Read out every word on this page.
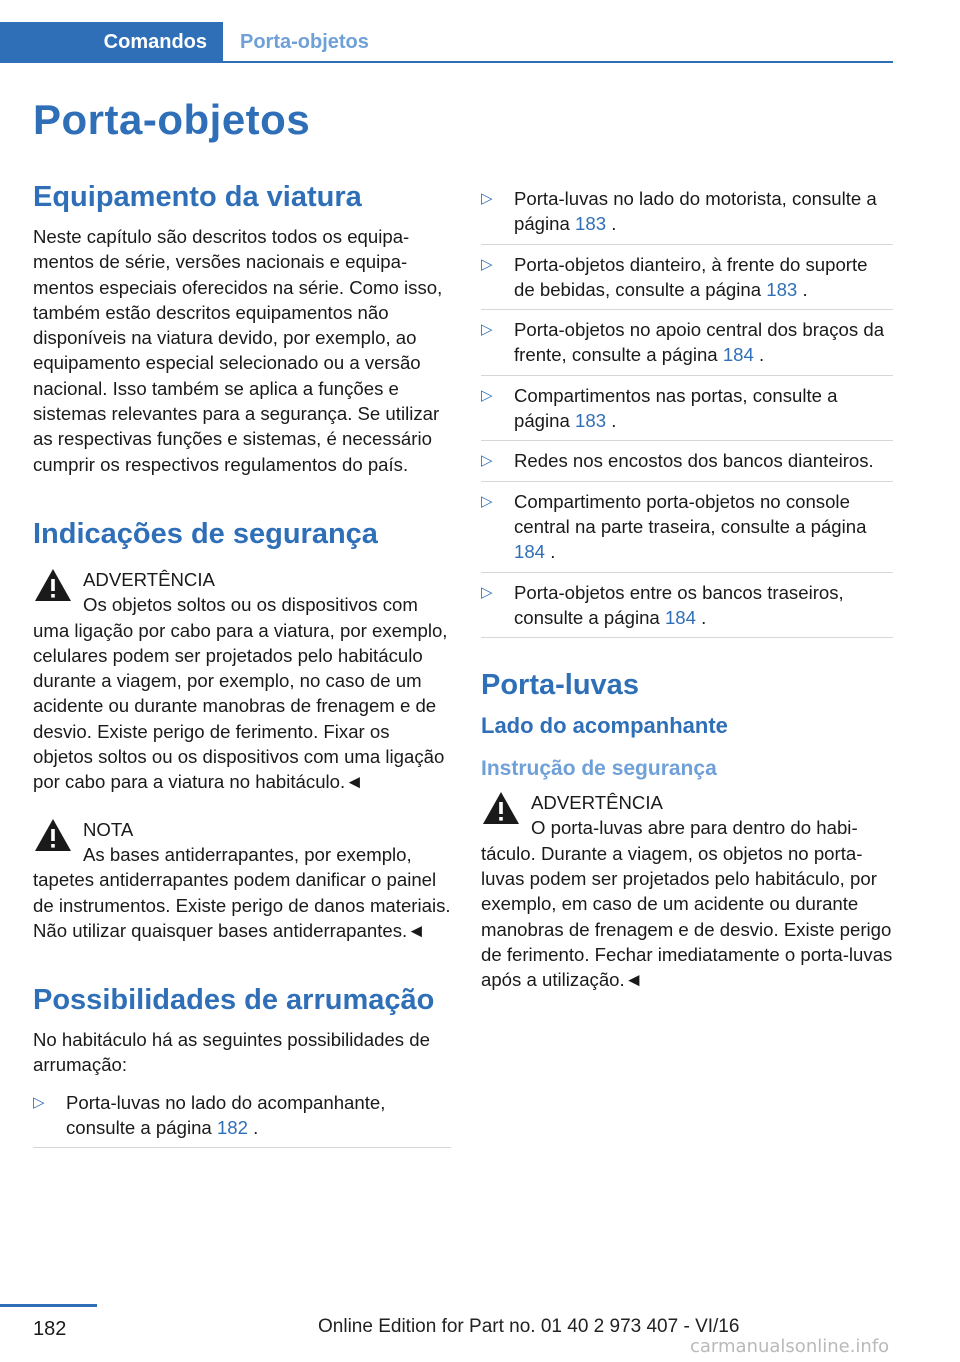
Comandos	Porta-objetos
Porta-objetos
Equipamento da viatura

Neste capítulo são descritos todos os equipamentos de série, versões nacionais e equipamentos especiais oferecidos na série. Como isso, também estão descritos equipamentos não disponíveis na viatura devido, por exemplo, ao equipamento especial selecionado ou a versão nacional. Isso também se aplica a funções e sistemas relevantes para a segurança. Se utilizar as respectivas funções e sistemas, é necessário cumprir os respectivos regulamentos do país.

Indicações de segurança
ADVERTÊNCIA

Os objetos soltos ou os dispositivos com uma ligação por cabo para a viatura, por exemplo, celulares podem ser projetados pelo habitáculo durante a viagem, por exemplo, no caso de um acidente ou durante manobras de frenagem e de desvio. Existe perigo de ferimento. Fixar os objetos soltos ou os dispositivos com uma ligação por cabo para a viatura no habitáculo.◄

NOTA

As bases antiderrapantes, por exemplo, tapetes antiderrapantes podem danificar o painel de instrumentos. Existe perigo de danos materiais. Não utilizar quaisquer bases antiderrapantes.◄

Possibilidades de arrumação

No habitáculo há as seguintes possibilidades de arrumação:

▷ Porta-luvas no lado do acompanhante, consulte a página 182 .
▷ Porta-luvas no lado do motorista, consulte a página 183 .
▷ Porta-objetos dianteiro, à frente do suporte de bebidas, consulte a página 183 .
▷ Porta-objetos no apoio central dos braços da frente, consulte a página 184 .
▷ Compartimentos nas portas, consulte a página 183 .
▷ Redes nos encostos dos bancos dianteiros.
▷ Compartimento porta-objetos no console central na parte traseira, consulte a página 184 .
▷ Porta-objetos entre os bancos traseiros, consulte a página 184 .
Porta-luvas
Lado do acompanhante
Instrução de segurança
ADVERTÊNCIA

O porta-luvas abre para dentro do habitáculo. Durante a viagem, os objetos no porta-luvas podem ser projetados pelo habitáculo, por exemplo, em caso de um acidente ou durante manobras de frenagem e de desvio. Existe perigo de ferimento. Fechar imediatamente o porta-luvas após a utilização.◄

182	Online Edition for Part no. 01 40 2 973 407 - VI/16
carmanualsonline.info
